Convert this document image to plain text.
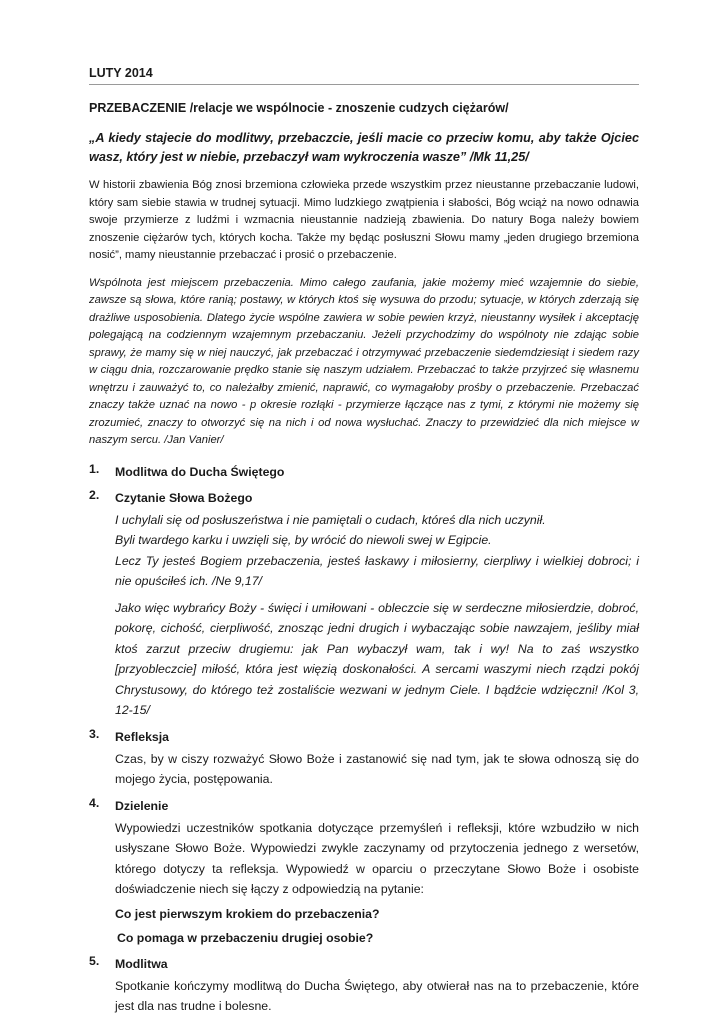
LUTY 2014
PRZEBACZENIE /relacje we wspólnocie - znoszenie cudzych ciężarów/
„A kiedy stajecie do modlitwy, przebaczcie, jeśli macie co przeciw komu, aby także Ojciec wasz, który jest w niebie, przebaczył wam wykroczenia wasze” /Mk 11,25/
W historii zbawienia Bóg znosi brzemiona człowieka przede wszystkim przez nieustanne przebaczanie ludowi, który sam siebie stawia w trudnej sytuacji. Mimo ludzkiego zwątpienia i słabości, Bóg wciąż na nowo odnawia swoje przymierze z ludźmi i wzmacnia nieustannie nadzieją zbawienia. Do natury Boga należy bowiem znoszenie ciężarów tych, których kocha. Także my będąc posłuszni Słowu mamy „jeden drugiego brzemiona nosić”, mamy nieustannie przebaczać i prosić o przebaczenie.
Wspólnota jest miejscem przebaczenia. Mimo całego zaufania, jakie możemy mieć wzajemnie do siebie, zawsze są słowa, które ranią; postawy, w których ktoś się wysuwa do przodu; sytuacje, w których zderzają się drażliwe usposobienia. Dlatego życie wspólne zawiera w sobie pewien krzyż, nieustanny wysiłek i akceptację polegającą na codziennym wzajemnym przebaczaniu. Jeżeli przychodzimy do wspólnoty nie zdając sobie sprawy, że mamy się w niej nauczyć, jak przebaczać i otrzymywać przebaczenie siedemdziesiąt i siedem razy w ciągu dnia, rozczarowanie prędko stanie się naszym udziałem. Przebaczać to także przyjrzeć się własnemu wnętrzu i zauważyć to, co należałby zmienić, naprawić, co wymagałoby prośby o przebaczenie. Przebaczać znaczy także uznać na nowo - p okresie rozłąki - przymierze łączące nas z tymi, z którymi nie możemy się zrozumieć, znaczy to otworzyć się na nich i od nowa wysłuchać. Znaczy to przewidzieć dla nich miejsce w naszym sercu. /Jan Vanier/
1. Modlitwa do Ducha Świętego
2. Czytanie Słowa Bożego
I uchylali się od posłuszeństwa i nie pamiętali o cudach, któreś dla nich uczynił.
Byli twardego karku i uwzięli się, by wrócić do niewoli swej w Egipcie.
Lecz Ty jesteś Bogiem przebaczenia, jesteś łaskawy i miłosierny, cierpliwy i wielkiej dobroci; i nie opuściłeś ich. /Ne 9,17/
Jako więc wybrańcy Boży - święci i umiłowani - obleczcie się w serdeczne miłosierdzie, dobroć, pokorę, cichość, cierpliwość, znosząc jedni drugich i wybaczając sobie nawzajem, jeśliby miał ktoś zarzut przeciw drugiemu: jak Pan wybaczył wam, tak i wy! Na to zaś wszystko [przyobleczcie] miłość, która jest więzią doskonałości. A sercami waszymi niech rządzi pokój Chrystusowy, do którego też zostaliście wezwani w jednym Ciele. I bądźcie wdzięczni! /Kol 3, 12-15/
3. Refleksja
Czas, by w ciszy rozważyć Słowo Boże i zastanowić się nad tym, jak te słowa odnoszą się do mojego życia, postępowania.
4. Dzielenie
Wypowiedzi uczestników spotkania dotyczące przemyśleń i refleksji, które wzbudziło w nich usłyszane Słowo Boże. Wypowiedzi zwykle zaczynamy od przytoczenia jednego z wersetów, którego dotyczy ta refleksja. Wypowiedź w oparciu o przeczytane Słowo Boże i osobiste doświadczenie niech się łączy z odpowiedzią na pytanie:
Co jest pierwszym krokiem do przebaczenia?
Co pomaga w przebaczeniu drugiej osobie?
5. Modlitwa
Spotkanie kończymy modlitwą do Ducha Świętego, aby otwierał nas na to przebaczenie, które jest dla nas trudne i bolesne.
